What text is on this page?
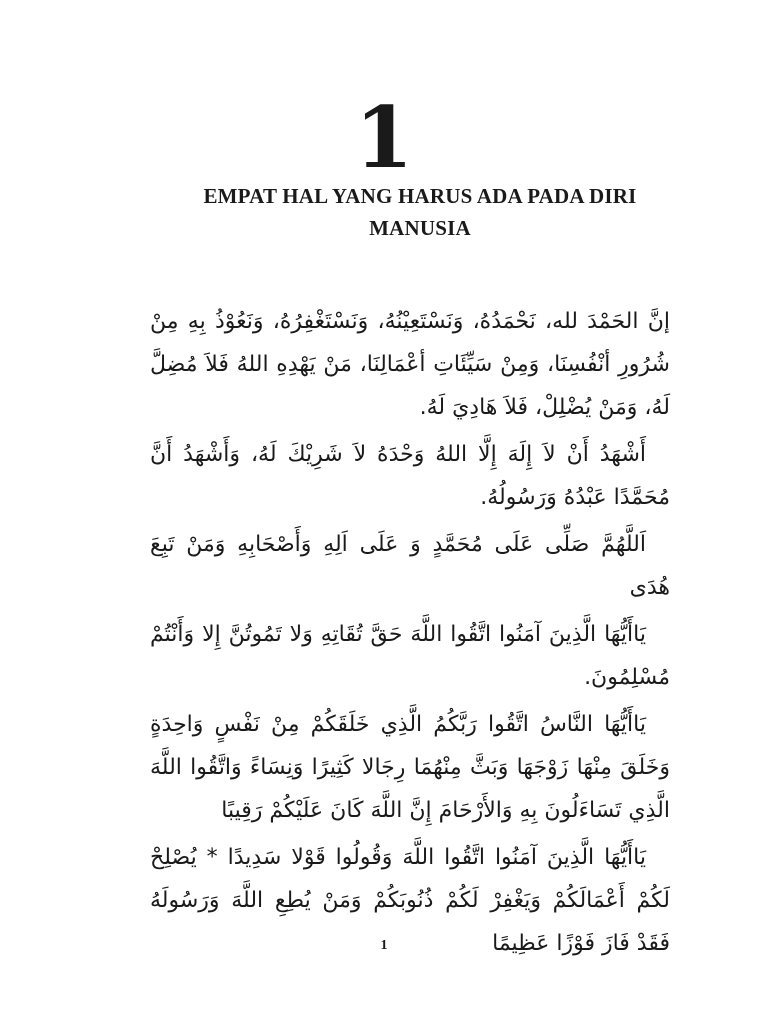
1
EMPAT HAL YANG HARUS ADA PADA DIRI MANUSIA

إنَّ الحَمْدَ لله، نَحْمَدُهُ، وَنَسْتَعِيْنُهُ، وَنَسْتَغْفِرُهُ، وَنَعُوْذُ بِهِ مِنْ شُرُورِ أنْفُسِنَا، وَمِنْ سَيِّئَاتِ أعْمَالِنَا، مَنْ يَهْدِهِ اللهُ فَلاَ مُضِلَّ لَهُ، وَمَنْ يُضْلِلْ، فَلاَ هَادِيَ لَهُ.

أَشْهَدُ أَنْ لاَ إِلَهَ إِلَّا اللهُ وَحْدَهُ لاَ شَرِيْكَ لَهُ، وَأَشْهَدُ أَنَّ مُحَمَّدًا عَبْدُهُ وَرَسُولُهُ.

اَللَّهُمَّ صَلِّى عَلَى مُحَمَّدٍ وَ عَلَى اَلِهِ وَأَصْحَابِهِ وَمَنْ تَبِعَ هُدَى

يَاأَيُّهَا الَّذِينَ آمَنُوا اتَّقُوا اللَّهَ حَقَّ تُقَاتِهِ وَلا تَمُوتُنَّ إِلا وَأَنْتُمْ مُسْلِمُونَ.

يَاأَيُّهَا النَّاسُ اتَّقُوا رَبَّكُمُ الَّذِي خَلَقَكُمْ مِنْ نَفْسٍ وَاحِدَةٍ وَخَلَقَ مِنْهَا زَوْجَهَا وَبَثَّ مِنْهُمَا رِجَالا كَثِيرًا وَنِسَاءً وَاتَّقُوا اللَّهَ الَّذِي تَسَاءَلُونَ بِهِ وَالأَرْحَامَ إِنَّ اللَّهَ كَانَ عَلَيْكُمْ رَقِيبًا

يَاأَيُّهَا الَّذِينَ آمَنُوا اتَّقُوا اللَّهَ وَقُولُوا قَوْلا سَدِيدًا * يُصْلِحْ لَكُمْ أَعْمَالَكُمْ وَيَغْفِرْ لَكُمْ ذُنُوبَكُمْ وَمَنْ يُطِعِ اللَّهَ وَرَسُولَهُ فَقَدْ فَازَ فَوْزًا عَظِيمًا

1
